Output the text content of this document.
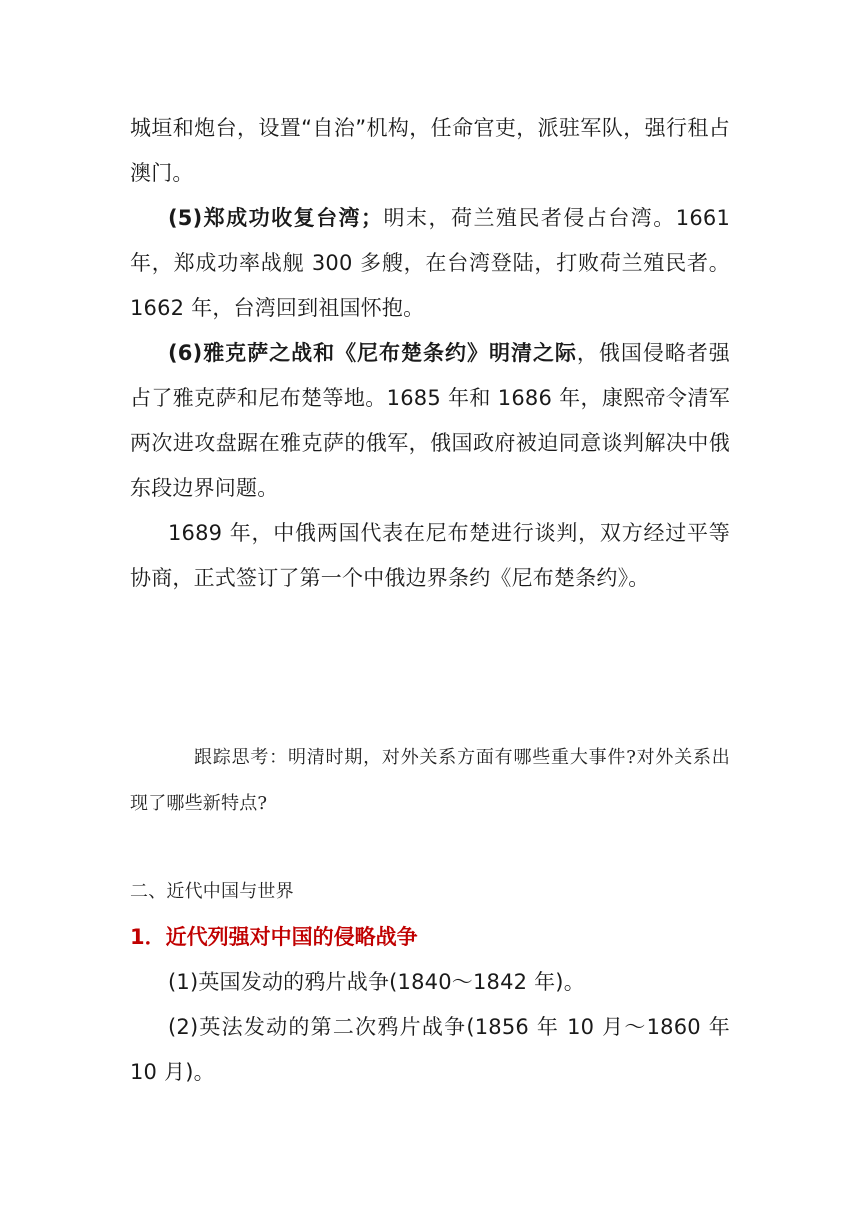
城垣和炮台，设置“自治”机构，任命官吏，派驻军队，强行租占澳门。

(5)郑成功收复台湾；明末，荷兰殖民者侵占台湾。1661 年，郑成功率战舰 300 多艘，在台湾登陆，打败荷兰殖民者。1662 年，台湾回到祖国怀抱。

(6)雅克萨之战和《尼布楚条约》明清之际，俄国侵略者强占了雅克萨和尼布楚等地。1685 年和 1686 年，康熙帝令清军两次进攻盘踞在雅克萨的俄军，俄国政府被迫同意谈判解决中俄东段边界问题。

1689 年，中俄两国代表在尼布楚进行谈判，双方经过平等协商，正式签订了第一个中俄边界条约《尼布楚条约》。

跟踪思考：明清时期，对外关系方面有哪些重大事件?对外关系出现了哪些新特点?

二、近代中国与世界

1．近代列强对中国的侵略战争

(1)英国发动的鸦片战争(1840～1842 年)。

(2)英法发动的第二次鸦片战争(1856 年 10 月～1860 年 10 月)。
